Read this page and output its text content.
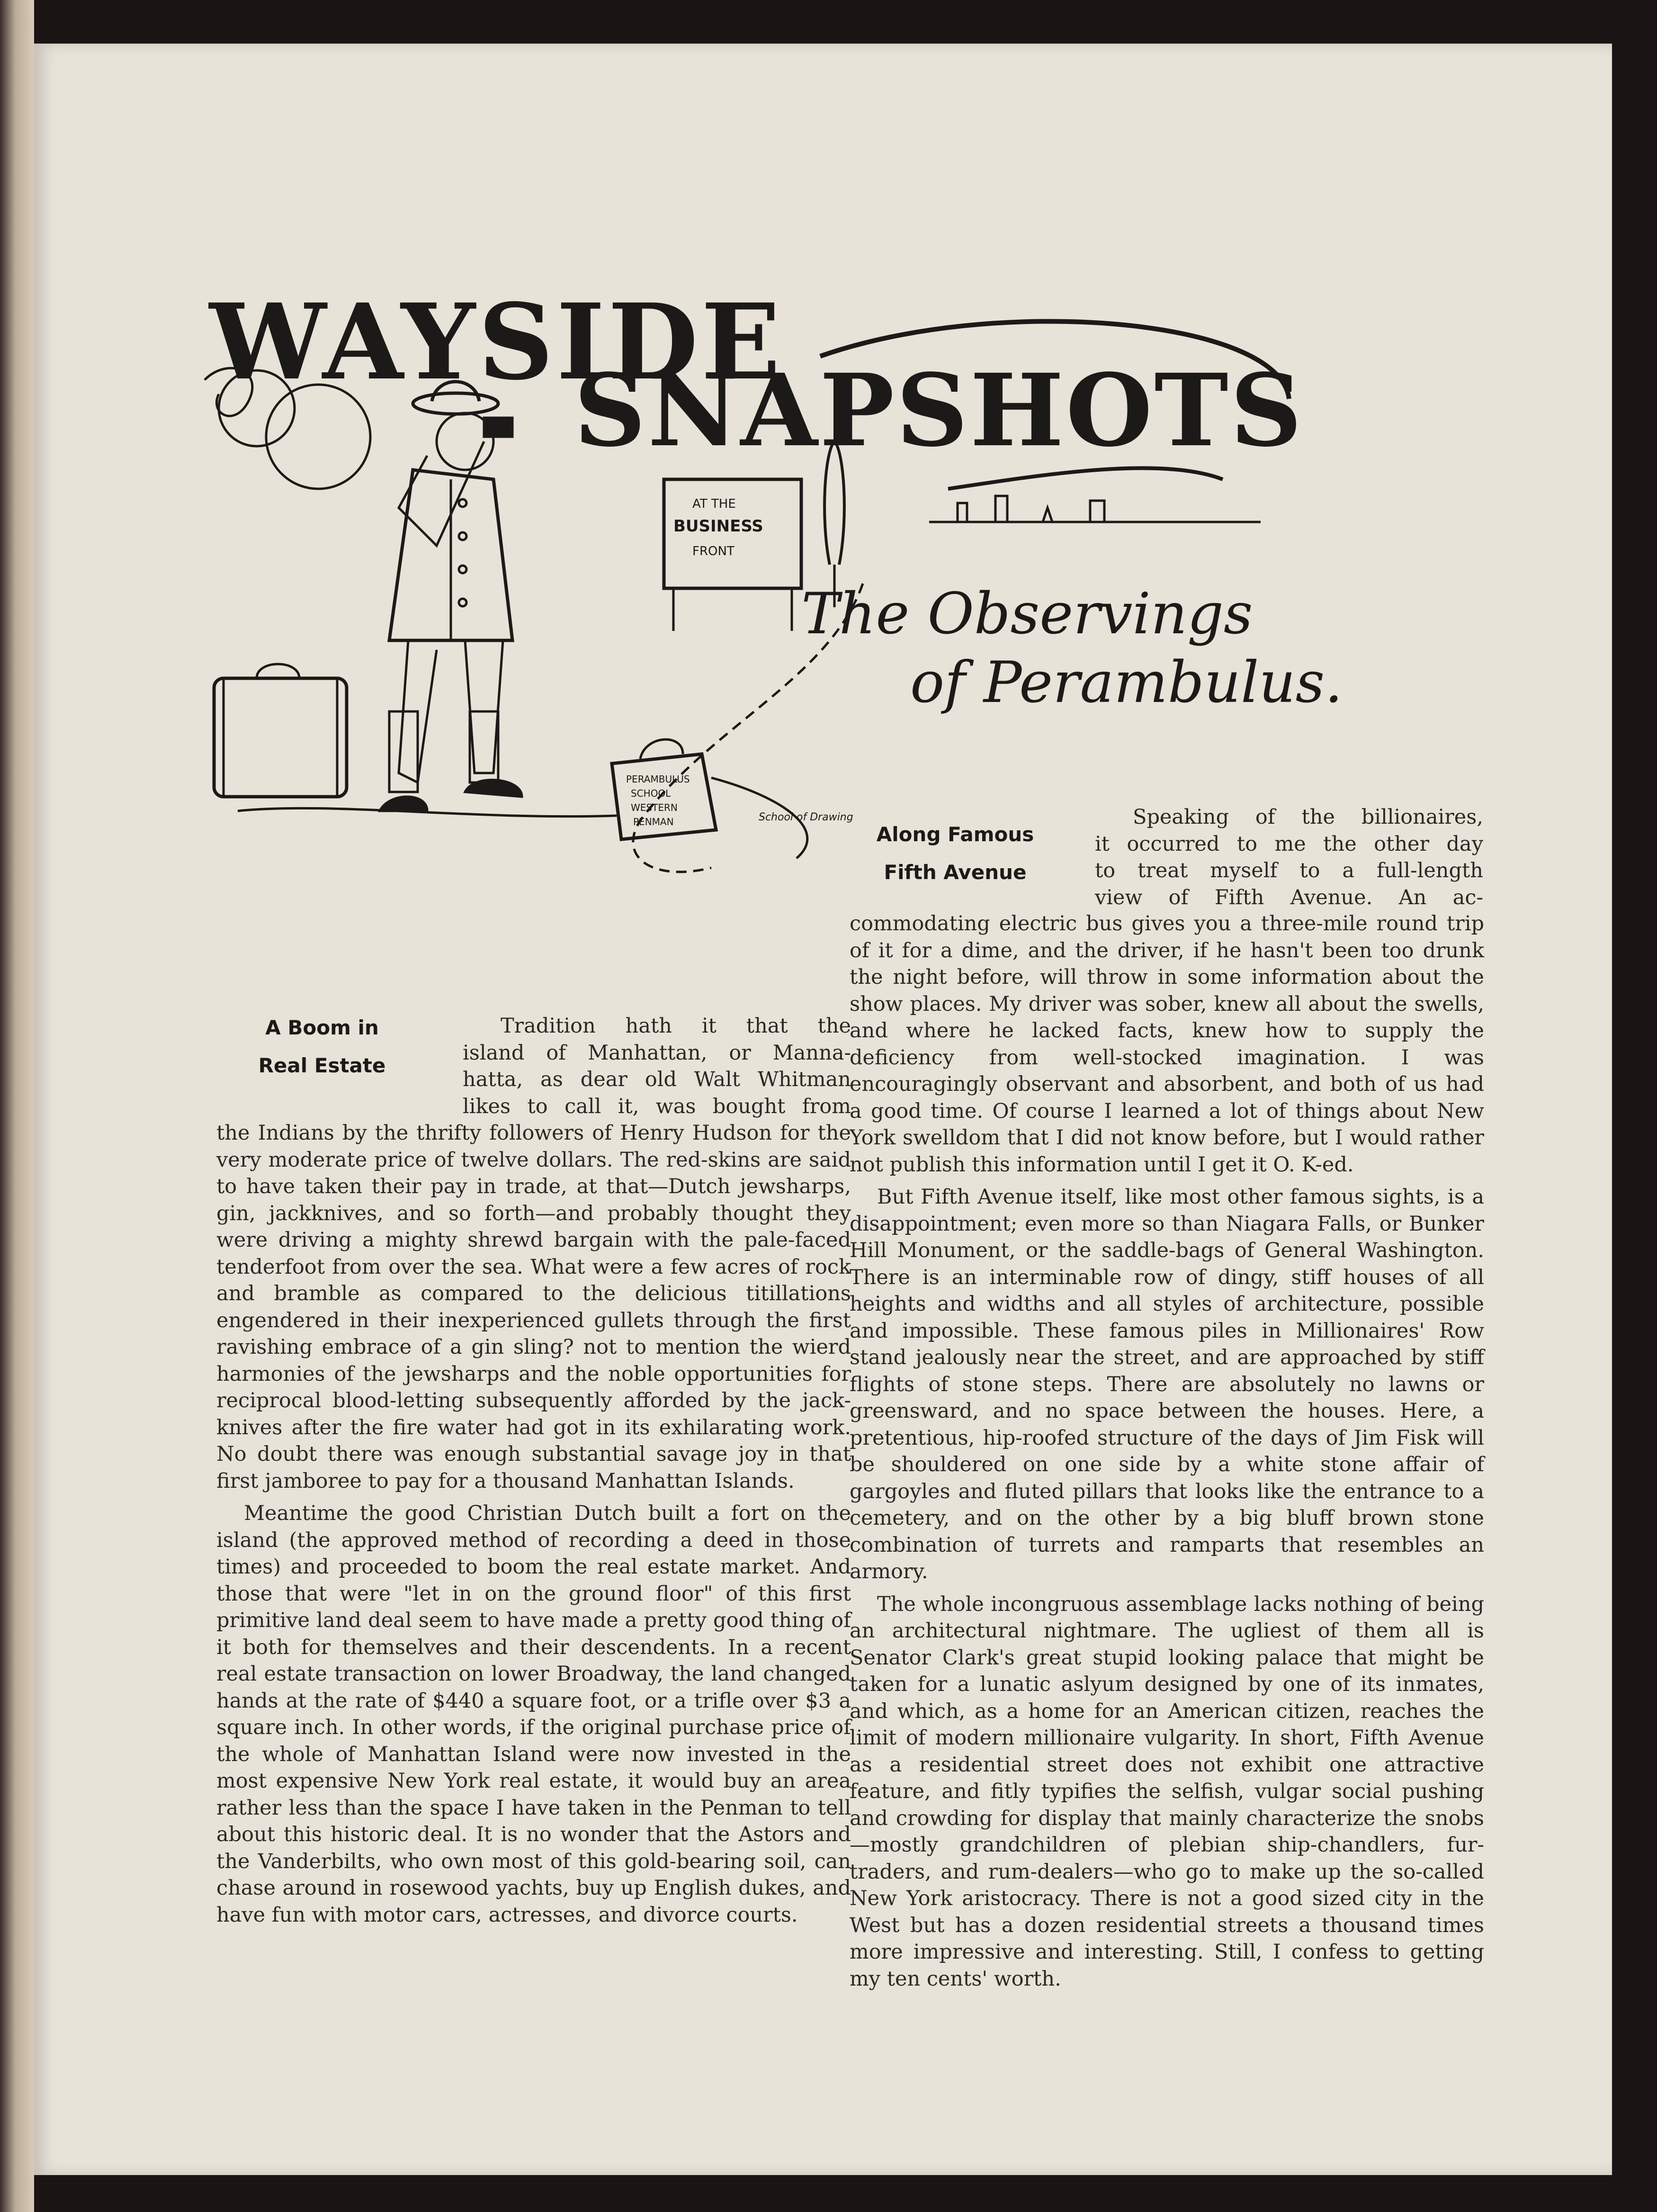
AT THE
BUSINESS
FRONT
PERAMBULUS
SCHOOL
WESTERN
PENMAN	School of Drawing
WAYSIDE
SNAPSHOTS
The Observings
of Perambulus.
A Boom in
Real Estate
Tradition hath it that the
island of Manhattan, or Manna-
hatta, as dear old Walt Whitman
likes to call it, was bought from

the Indians by the thrifty followers of Henry Hudson for the very moderate price of twelve dollars. The red-skins are said to have taken their pay in trade, at that—Dutch jewsharps, gin, jackknives, and so forth—and probably thought they were driving a mighty shrewd bargain with the pale-faced tenderfoot from over the sea. What were a few acres of rock and bramble as compared to the delicious titillations engendered in their inexperienced gullets through the first ravishing embrace of a gin sling? not to mention the wierd harmonies of the jewsharps and the noble opportunities for reciprocal blood-letting subsequently afforded by the jack-knives after the fire water had got in its exhilarating work. No doubt there was enough substantial savage joy in that first jamboree to pay for a thousand Manhattan Islands.

Meantime the good Christian Dutch built a fort on the island (the approved method of recording a deed in those times) and proceeded to boom the real estate market. And those that were "let in on the ground floor" of this first primitive land deal seem to have made a pretty good thing of it both for themselves and their descendents. In a recent real estate transaction on lower Broadway, the land changed hands at the rate of $440 a square foot, or a trifle over $3 a square inch. In other words, if the original purchase price of the whole of Manhattan Island were now invested in the most expensive New York real estate, it would buy an area rather less than the space I have taken in the Penman to tell about this historic deal. It is no wonder that the Astors and the Vanderbilts, who own most of this gold-bearing soil, can chase around in rosewood yachts, buy up English dukes, and have fun with motor cars, actresses, and divorce courts.

Along Famous
Fifth Avenue
Speaking of the billionaires,
it occurred to me the other day
to treat myself to a full-length
view of Fifth Avenue. An ac-

commodating electric bus gives you a three-mile round trip of it for a dime, and the driver, if he hasn't been too drunk the night before, will throw in some information about the show places. My driver was sober, knew all about the swells, and where he lacked facts, knew how to supply the deficiency from well-stocked imagination. I was encouragingly observant and absorbent, and both of us had a good time. Of course I learned a lot of things about New York swelldom that I did not know before, but I would rather not publish this information until I get it O. K-ed.

But Fifth Avenue itself, like most other famous sights, is a disappointment; even more so than Niagara Falls, or Bunker Hill Monument, or the saddle-bags of General Washington. There is an interminable row of dingy, stiff houses of all heights and widths and all styles of architecture, possible and impossible. These famous piles in Millionaires' Row stand jealously near the street, and are approached by stiff flights of stone steps. There are absolutely no lawns or greensward, and no space between the houses. Here, a pretentious, hip-roofed structure of the days of Jim Fisk will be shouldered on one side by a white stone affair of gargoyles and fluted pillars that looks like the entrance to a cemetery, and on the other by a big bluff brown stone combination of turrets and ramparts that resembles an armory.

The whole incongruous assemblage lacks nothing of being an architectural nightmare. The ugliest of them all is Senator Clark's great stupid looking palace that might be taken for a lunatic aslyum designed by one of its inmates, and which, as a home for an American citizen, reaches the limit of modern millionaire vulgarity. In short, Fifth Avenue as a residential street does not exhibit one attractive feature, and fitly typifies the selfish, vulgar social pushing and crowding for display that mainly characterize the snobs—mostly grandchildren of plebian ship-chandlers, fur-traders, and rum-dealers—who go to make up the so-called New York aristocracy. There is not a good sized city in the West but has a dozen residential streets a thousand times more impressive and interesting. Still, I confess to getting my ten cents' worth.
